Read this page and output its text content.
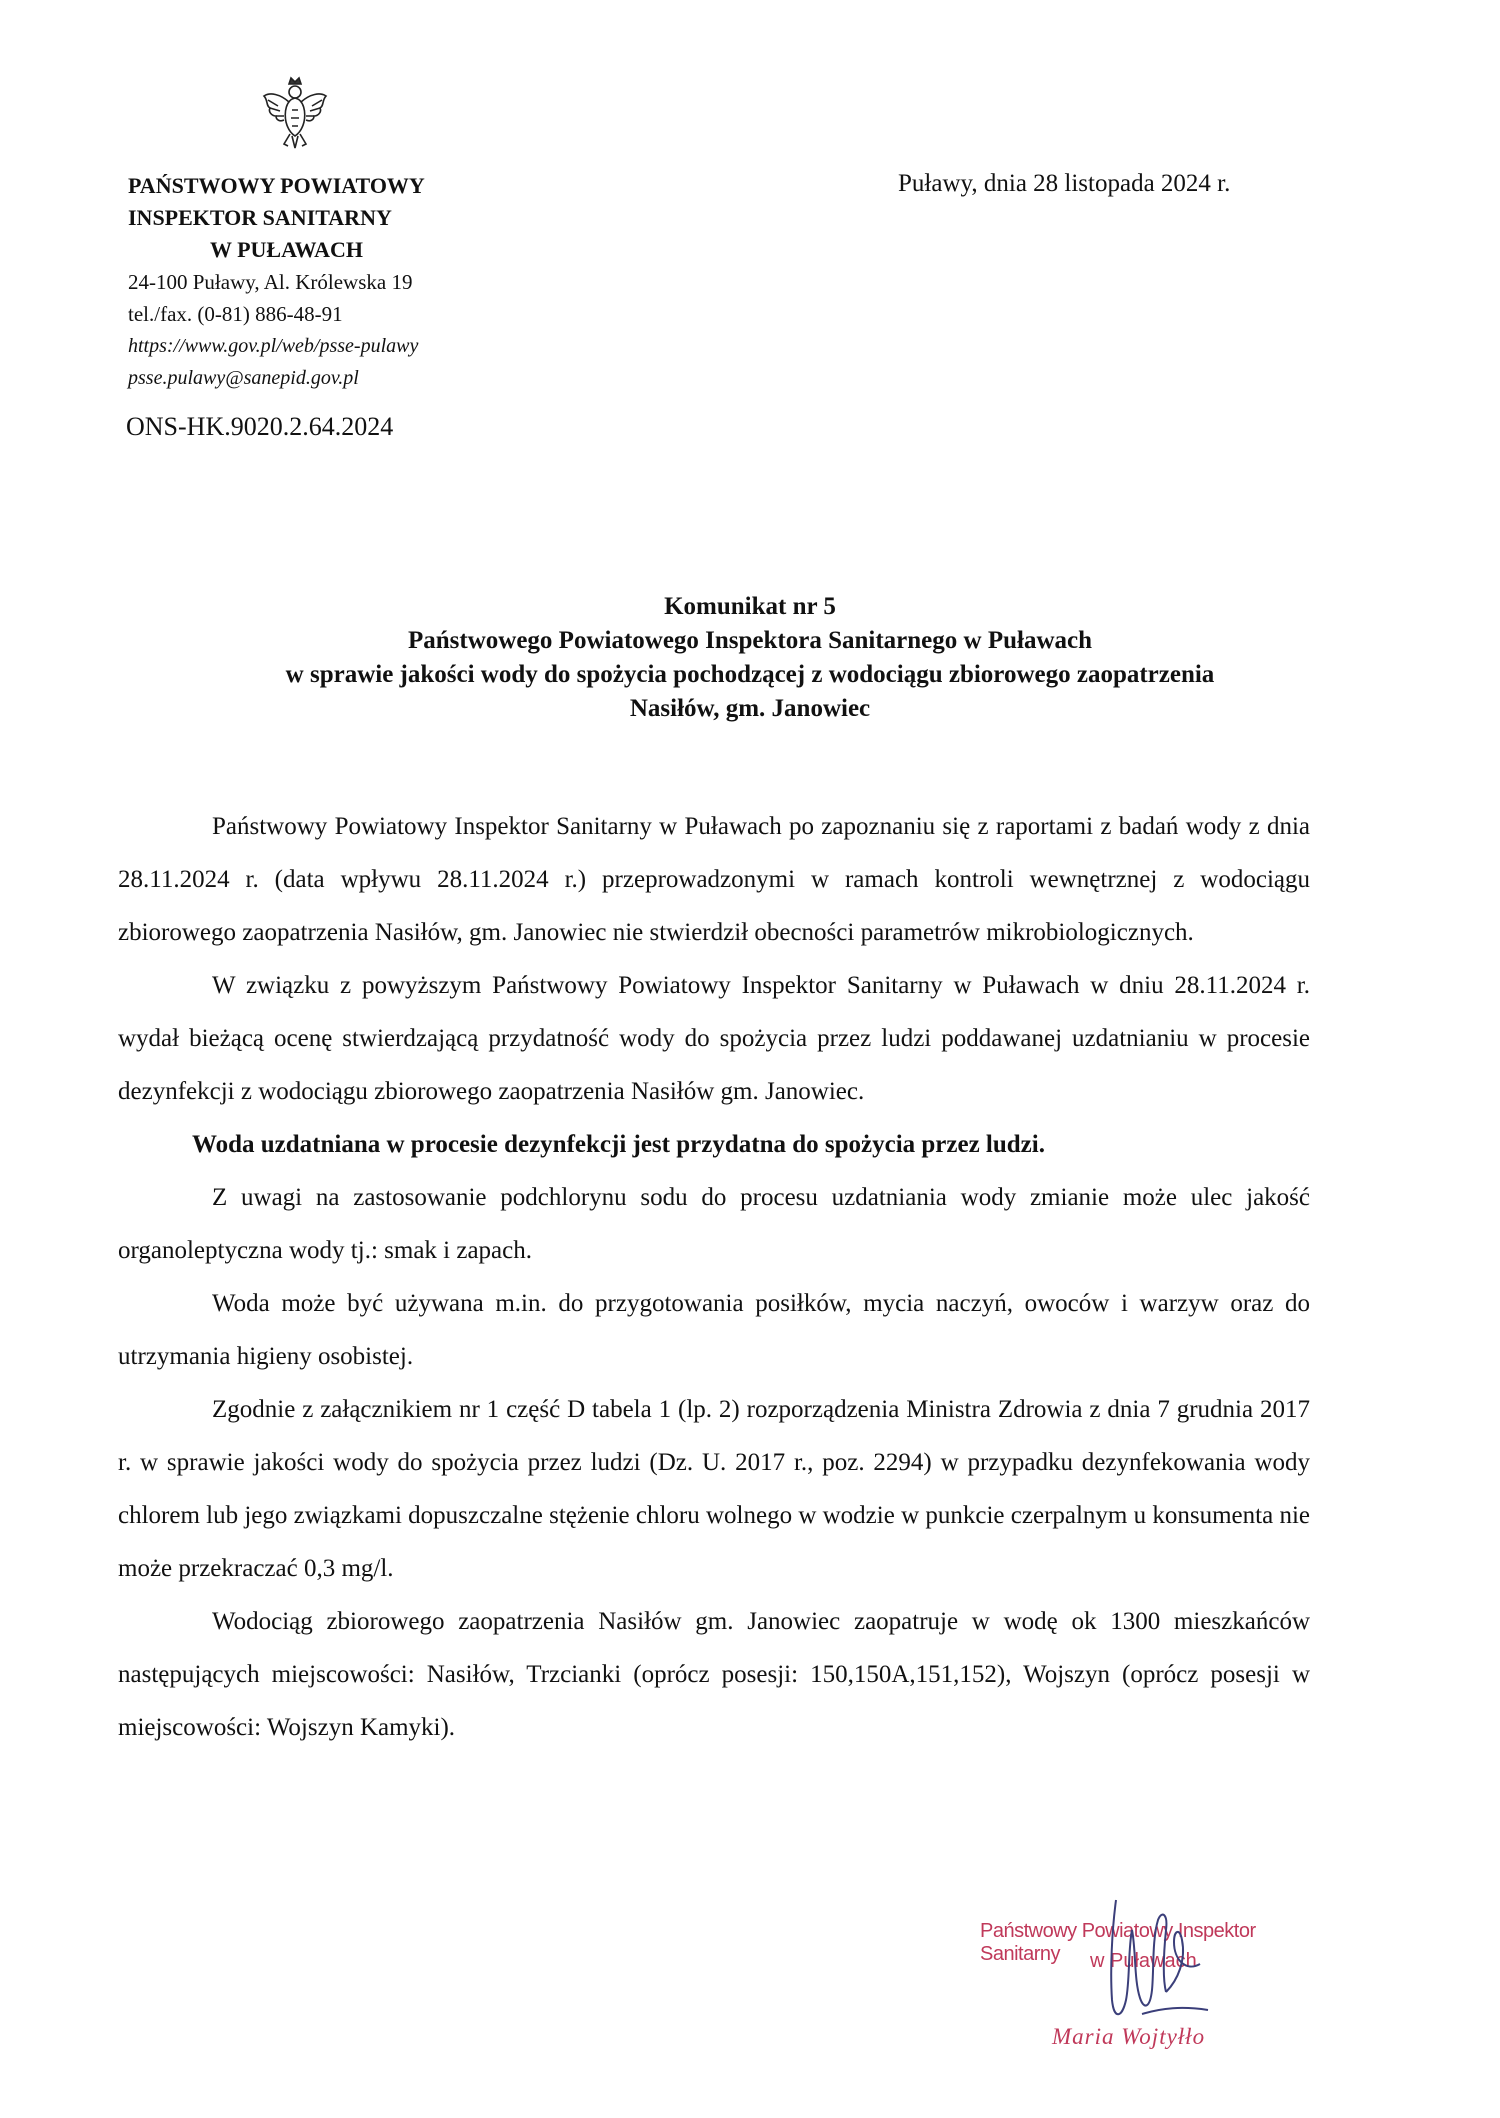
PAŃSTWOWY POWIATOWY
INSPEKTOR SANITARNY
W PUŁAWACH
24-100 Puławy, Al. Królewska 19
tel./fax. (0-81) 886-48-91
https://www.gov.pl/web/psse-pulawy
psse.pulawy@sanepid.gov.pl
ONS-HK.9020.2.64.2024
Puławy, dnia 28 listopada 2024 r.
Komunikat nr 5
Państwowego Powiatowego Inspektora Sanitarnego w Puławach
w sprawie jakości wody do spożycia pochodzącej z wodociągu zbiorowego zaopatrzenia
Nasiłów, gm. Janowiec

Państwowy Powiatowy Inspektor Sanitarny w Puławach po zapoznaniu się z raportami z badań wody z dnia 28.11.2024 r. (data wpływu 28.11.2024 r.) przeprowadzonymi w ramach kontroli wewnętrznej z wodociągu zbiorowego zaopatrzenia Nasiłów, gm. Janowiec nie stwierdził obecności parametrów mikrobiologicznych.

W związku z powyższym Państwowy Powiatowy Inspektor Sanitarny w Puławach w dniu 28.11.2024 r. wydał bieżącą ocenę stwierdzającą przydatność wody do spożycia przez ludzi poddawanej uzdatnianiu w procesie dezynfekcji z wodociągu zbiorowego zaopatrzenia Nasiłów gm. Janowiec.

Woda uzdatniana w procesie dezynfekcji jest przydatna do spożycia przez ludzi.

Z uwagi na zastosowanie podchlorynu sodu do procesu uzdatniania wody zmianie może ulec jakość organoleptyczna wody tj.: smak i zapach.

Woda może być używana m.in. do przygotowania posiłków, mycia naczyń, owoców i warzyw oraz do utrzymania higieny osobistej.

Zgodnie z załącznikiem nr 1 część D tabela 1 (lp. 2) rozporządzenia Ministra Zdrowia z dnia 7 grudnia 2017 r. w sprawie jakości wody do spożycia przez ludzi (Dz. U. 2017 r., poz. 2294) w przypadku dezynfekowania wody chlorem lub jego związkami dopuszczalne stężenie chloru wolnego w wodzie w punkcie czerpalnym u konsumenta nie może przekraczać 0,3 mg/l.

Wodociąg zbiorowego zaopatrzenia Nasiłów gm. Janowiec zaopatruje w wodę ok 1300 mieszkańców następujących miejscowości: Nasiłów, Trzcianki (oprócz posesji: 150,150A,151,152), Wojszyn (oprócz posesji w miejscowości: Wojszyn Kamyki).

Państwowy Powiatowy Inspektor Sanitarny	w Puławach
Maria Wojtyłło
